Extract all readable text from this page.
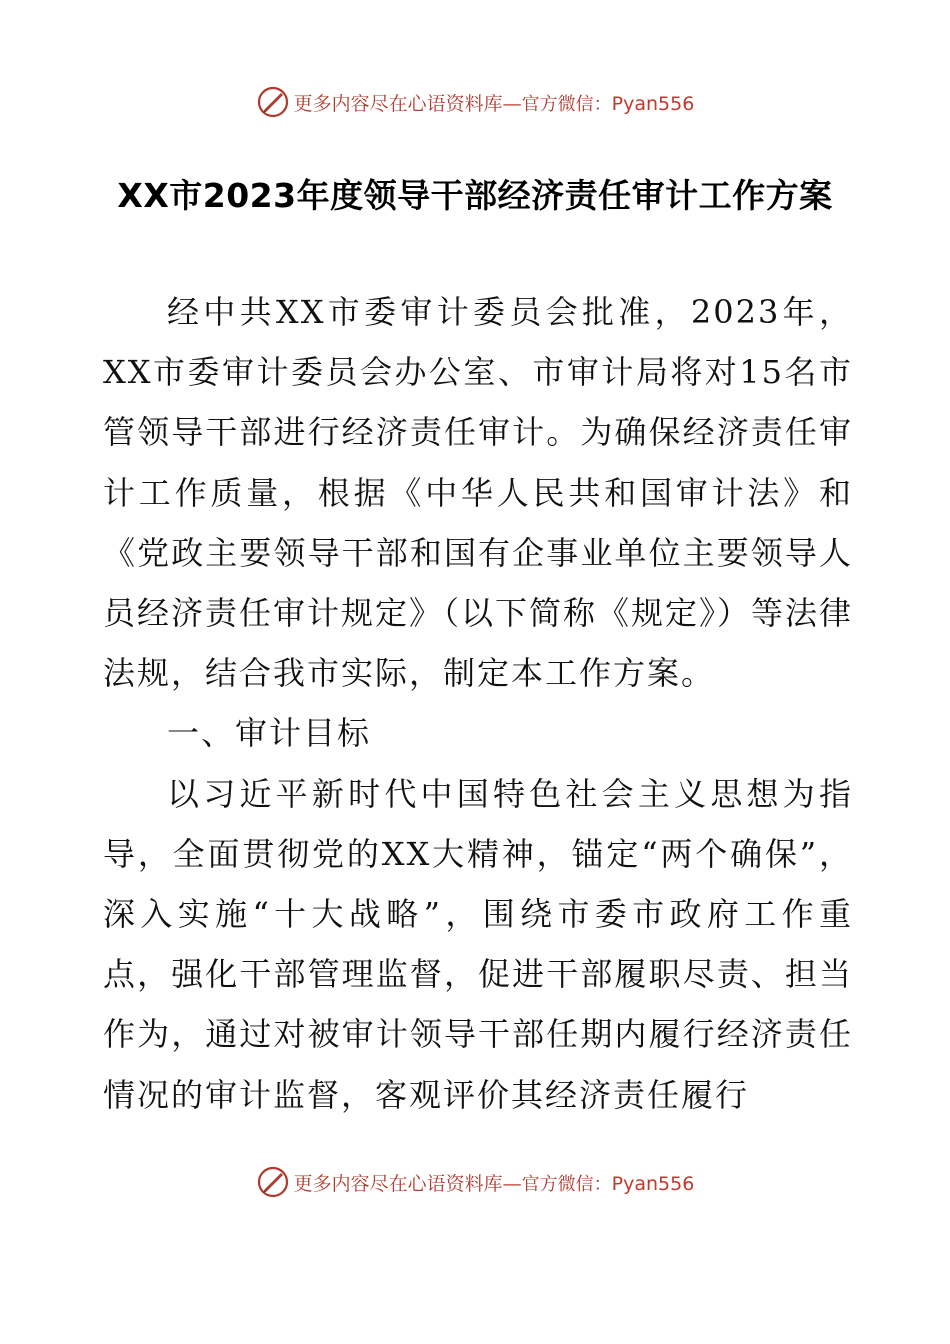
更多内容尽在心语资料库—官方微信：Pyan556
XX市2023年度领导干部经济责任审计工作方案

经中共XX市委审计委员会批准，2023年，XX市委审计委员会办公室、市审计局将对15名市管领导干部进行经济责任审计。为确保经济责任审计工作质量，根据《中华人民共和国审计法》和《党政主要领导干部和国有企事业单位主要领导人员经济责任审计规定》（以下简称《规定》）等法律法规，结合我市实际，制定本工作方案。

一、审计目标

以习近平新时代中国特色社会主义思想为指导，全面贯彻党的XX大精神，锚定“两个确保”，深入实施“十大战略”，围绕市委市政府工作重点，强化干部管理监督，促进干部履职尽责、担当作为，通过对被审计领导干部任期内履行经济责任情况的审计监督，客观评价其经济责任履行

更多内容尽在心语资料库—官方微信：Pyan556
